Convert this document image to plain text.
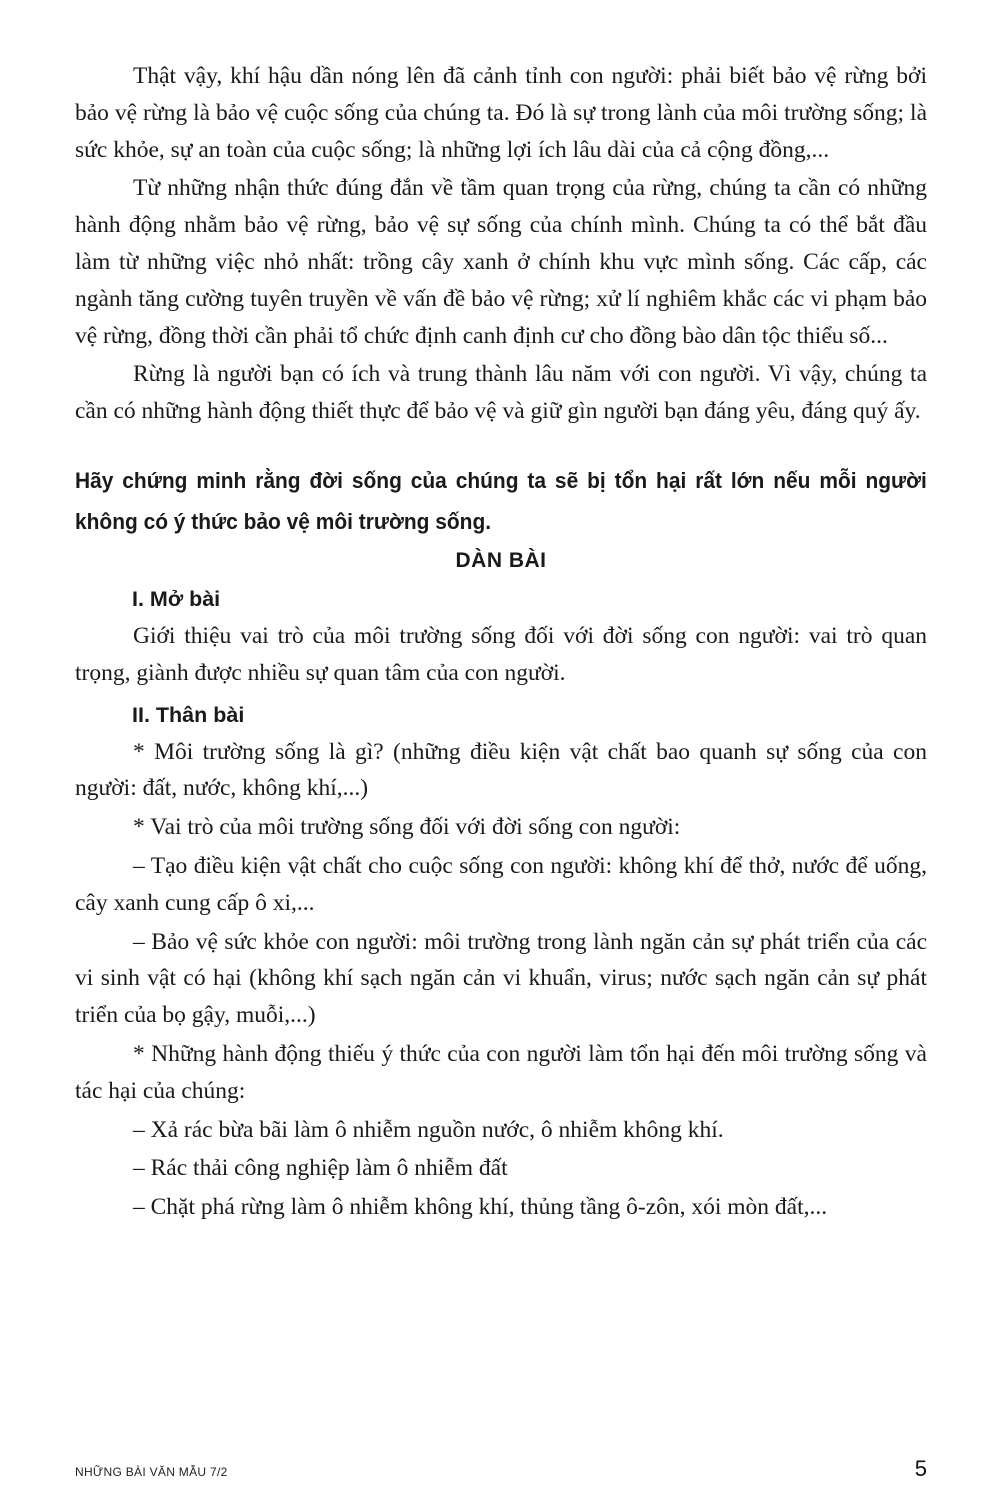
Thật vậy, khí hậu dần nóng lên đã cảnh tỉnh con người: phải biết bảo vệ rừng bởi bảo vệ rừng là bảo vệ cuộc sống của chúng ta. Đó là sự trong lành của môi trường sống; là sức khỏe, sự an toàn của cuộc sống; là những lợi ích lâu dài của cả cộng đồng,...

Từ những nhận thức đúng đắn về tầm quan trọng của rừng, chúng ta cần có những hành động nhằm bảo vệ rừng, bảo vệ sự sống của chính mình. Chúng ta có thể bắt đầu làm từ những việc nhỏ nhất: trồng cây xanh ở chính khu vực mình sống. Các cấp, các ngành tăng cường tuyên truyền về vấn đề bảo vệ rừng; xử lí nghiêm khắc các vi phạm bảo vệ rừng, đồng thời cần phải tổ chức định canh định cư cho đồng bào dân tộc thiểu số...

Rừng là người bạn có ích và trung thành lâu năm với con người. Vì vậy, chúng ta cần có những hành động thiết thực để bảo vệ và giữ gìn người bạn đáng yêu, đáng quý ấy.

Hãy chứng minh rằng đời sống của chúng ta sẽ bị tổn hại rất lớn nếu mỗi người không có ý thức bảo vệ môi trường sống.
DÀN BÀI
I. Mở bài

Giới thiệu vai trò của môi trường sống đối với đời sống con người: vai trò quan trọng, giành được nhiều sự quan tâm của con người.

II. Thân bài

* Môi trường sống là gì? (những điều kiện vật chất bao quanh sự sống của con người: đất, nước, không khí,...)

* Vai trò của môi trường sống đối với đời sống con người:

– Tạo điều kiện vật chất cho cuộc sống con người: không khí để thở, nước để uống, cây xanh cung cấp ô xi,...

– Bảo vệ sức khỏe con người: môi trường trong lành ngăn cản sự phát triển của các vi sinh vật có hại (không khí sạch ngăn cản vi khuẩn, virus; nước sạch ngăn cản sự phát triển của bọ gậy, muỗi,...)

* Những hành động thiếu ý thức của con người làm tổn hại đến môi trường sống và tác hại của chúng:

– Xả rác bừa bãi làm ô nhiễm nguồn nước, ô nhiễm không khí.

– Rác thải công nghiệp làm ô nhiễm đất

– Chặt phá rừng làm ô nhiễm không khí, thủng tầng ô-zôn, xói mòn đất,...

NHỮNG BÀI VĂN MẪU 7/2	5
